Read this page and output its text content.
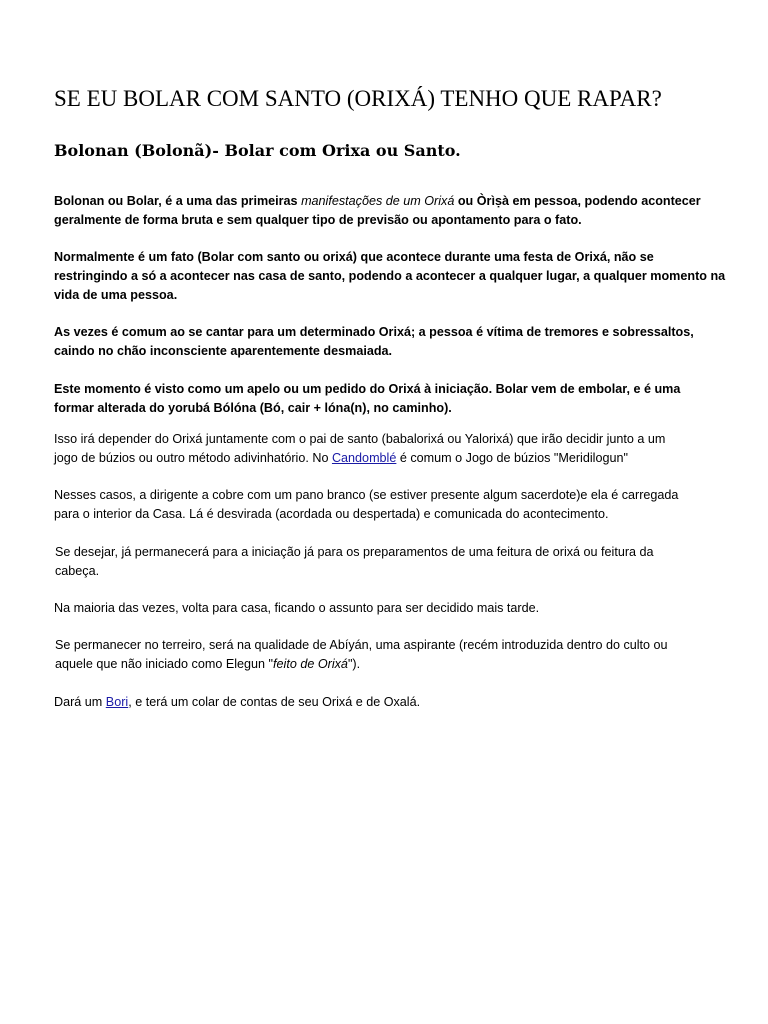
SE EU BOLAR COM SANTO (ORIXÁ) TENHO QUE RAPAR?
Bolonan (Bolonã)- Bolar com Orixa ou Santo.

Bolonan ou Bolar, é a uma das primeiras manifestações de um Orixá ou Òrìṣà em pessoa, podendo acontecer
geralmente de forma bruta e sem qualquer tipo de previsão ou apontamento para o fato.

Normalmente é um fato (Bolar com santo ou orixá) que acontece durante uma festa de Orixá, não se
restringindo a só a acontecer nas casa de santo, podendo a acontecer a qualquer lugar, a qualquer momento na
vida de uma pessoa.

As vezes é comum ao se cantar para um determinado Orixá; a pessoa é vítima de tremores e sobressaltos,
caindo no chão inconsciente aparentemente desmaiada.

Este momento é visto como um apelo ou um pedido do Orixá à iniciação. Bolar vem de embolar, e é uma
formar alterada do yorubá Bólóna (Bó, cair + lóna(n), no caminho).

Isso irá depender do Orixá juntamente com o pai de santo (babalorixá ou Yalorixá) que irão decidir junto a um
jogo de búzios ou outro método adivinhatório. No Candomblé é comum o Jogo de búzios "Meridilogun"

Nesses casos, a dirigente a cobre com um pano branco (se estiver presente algum sacerdote)e ela é carregada
para o interior da Casa. Lá é desvirada (acordada ou despertada) e comunicada do acontecimento.

Se desejar, já permanecerá para a iniciação já para os preparamentos de uma feitura de orixá ou feitura da
cabeça.

Na maioria das vezes, volta para casa, ficando o assunto para ser decidido mais tarde.

Se permanecer no terreiro, será na qualidade de Abíyán, uma aspirante (recém introduzida dentro do culto ou
aquele que não iniciado como Elegun "feito de Orixá").

Dará um Bori, e terá um colar de contas de seu Orixá e de Oxalá.
